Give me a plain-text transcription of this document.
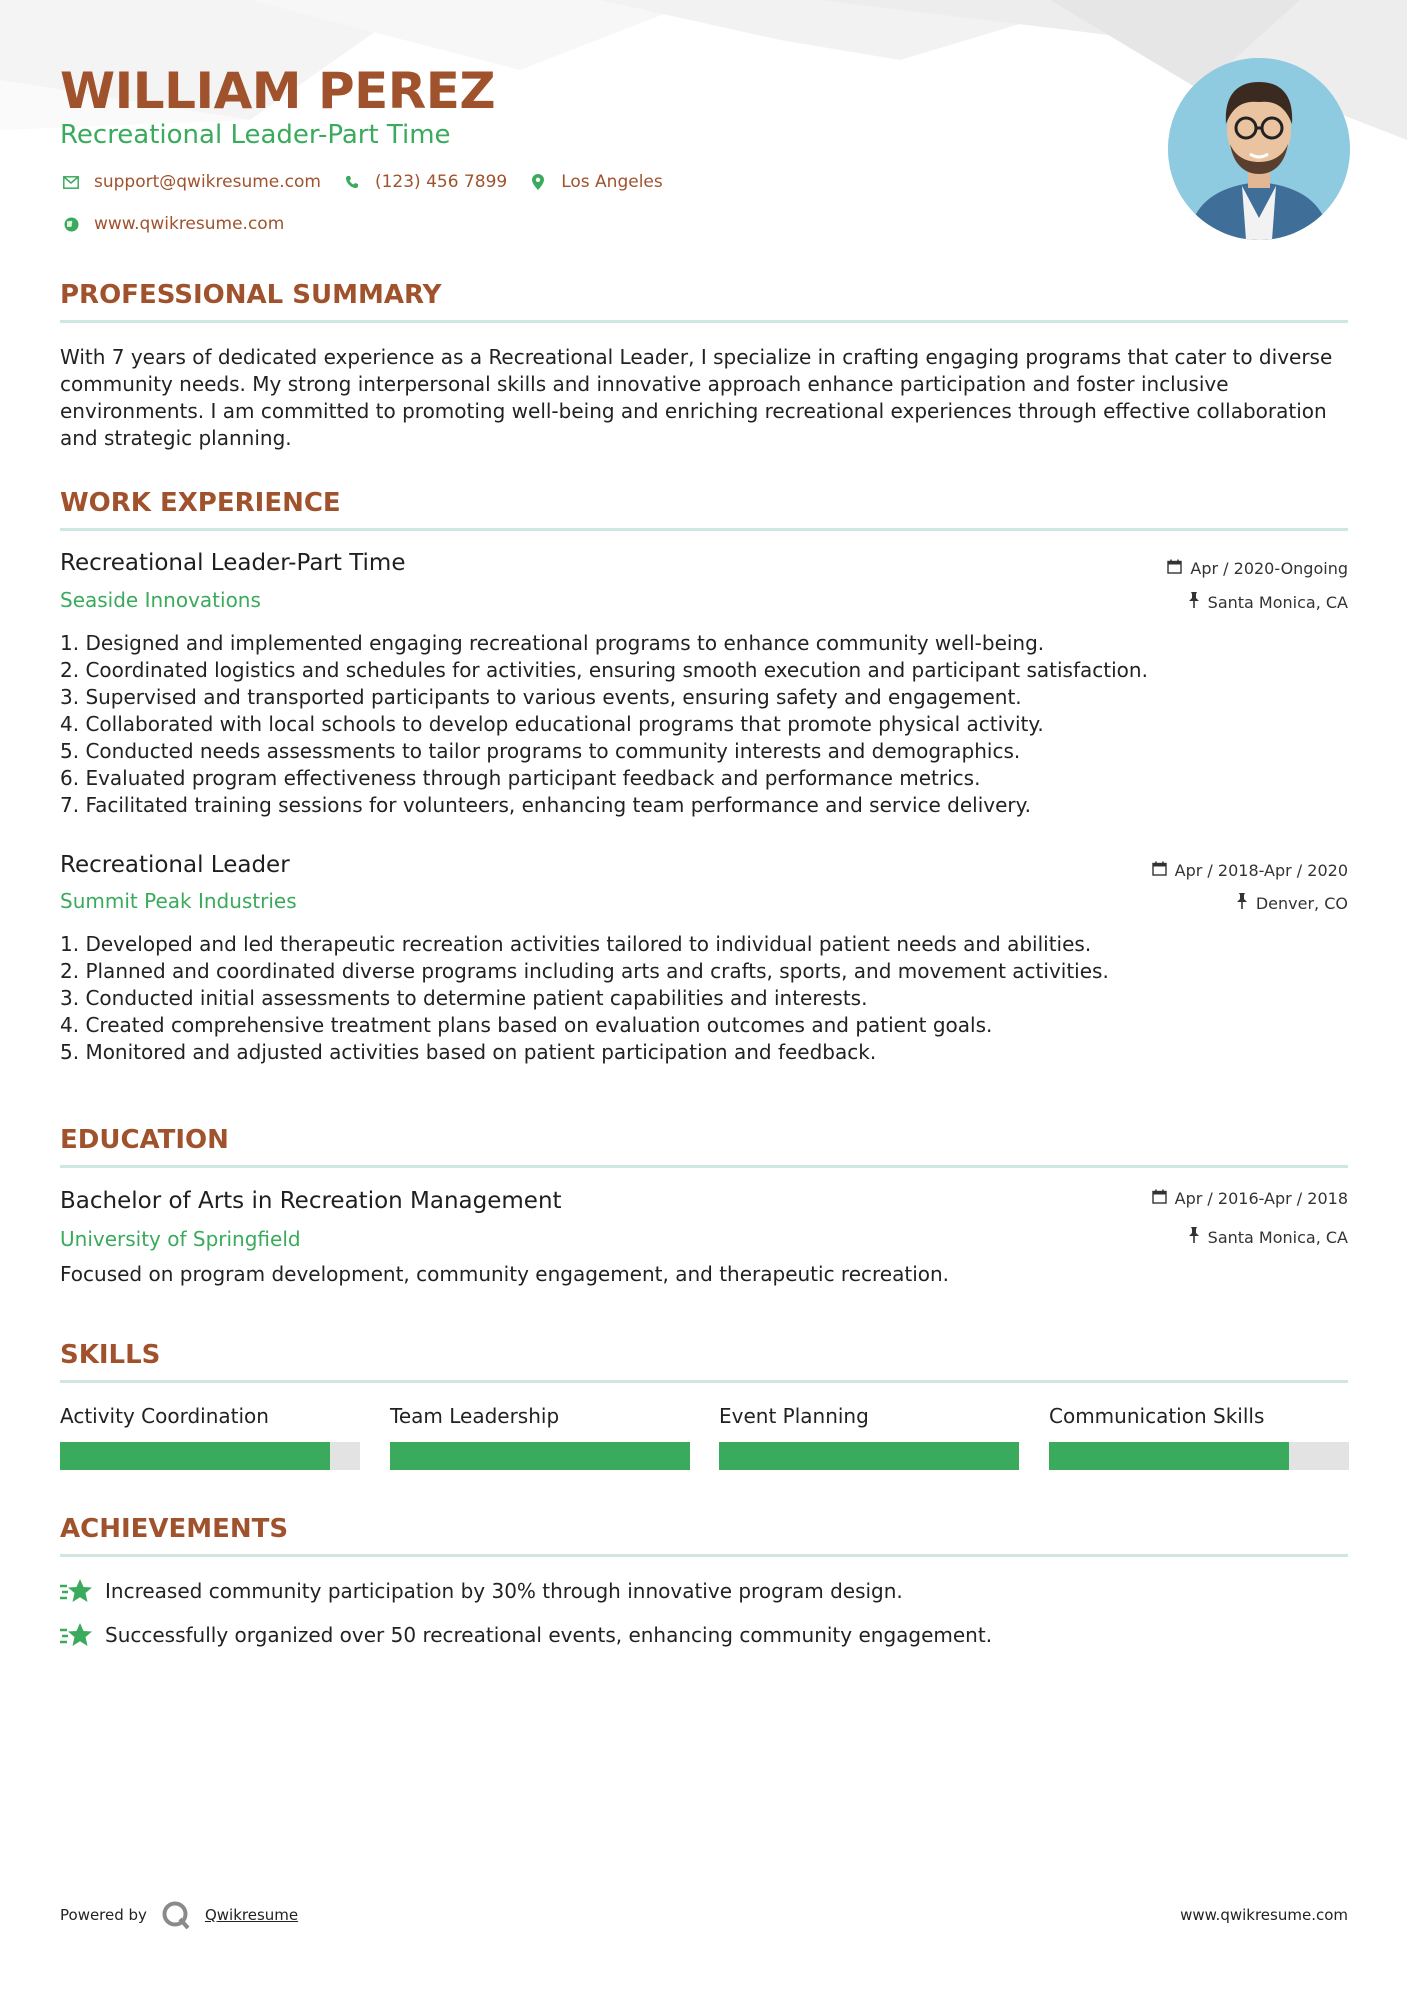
WILLIAM PEREZ
Recreational Leader-Part Time
support@qwikresume.com	(123) 456 7899	Los Angeles
www.qwikresume.com
PROFESSIONAL SUMMARY

With 7 years of dedicated experience as a Recreational Leader, I specialize in crafting engaging programs that cater to diverse community needs. My strong interpersonal skills and innovative approach enhance participation and foster inclusive environments. I am committed to promoting well-being and enriching recreational experiences through effective collaboration and strategic planning.

WORK EXPERIENCE
Recreational Leader-Part Time	Apr / 2020-Ongoing
Seaside Innovations	Santa Monica, CA
1. Designed and implemented engaging recreational programs to enhance community well-being.
2. Coordinated logistics and schedules for activities, ensuring smooth execution and participant satisfaction.
3. Supervised and transported participants to various events, ensuring safety and engagement.
4. Collaborated with local schools to develop educational programs that promote physical activity.
5. Conducted needs assessments to tailor programs to community interests and demographics.
6. Evaluated program effectiveness through participant feedback and performance metrics.
7. Facilitated training sessions for volunteers, enhancing team performance and service delivery.
Recreational Leader	Apr / 2018-Apr / 2020
Summit Peak Industries	Denver, CO
1. Developed and led therapeutic recreation activities tailored to individual patient needs and abilities.
2. Planned and coordinated diverse programs including arts and crafts, sports, and movement activities.
3. Conducted initial assessments to determine patient capabilities and interests.
4. Created comprehensive treatment plans based on evaluation outcomes and patient goals.
5. Monitored and adjusted activities based on patient participation and feedback.
EDUCATION
Bachelor of Arts in Recreation Management	Apr / 2016-Apr / 2018
University of Springfield	Santa Monica, CA
Focused on program development, community engagement, and therapeutic recreation.
SKILLS
Activity Coordination	Team Leadership	Event Planning	Communication Skills
ACHIEVEMENTS
Increased community participation by 30% through innovative program design.
Successfully organized over 50 recreational events, enhancing community engagement.
Powered by	Qwikresume	www.qwikresume.com
